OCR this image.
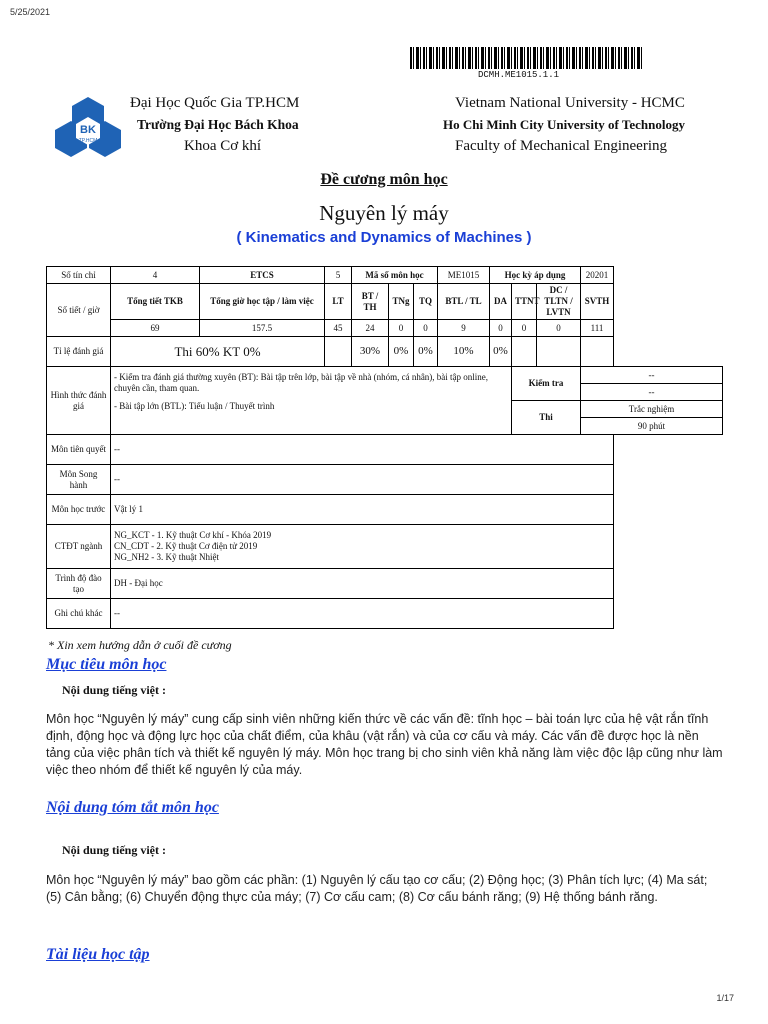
5/25/2021
DCMH.ME1015.1.1
BK
TP.HCM
Đại Học Quốc Gia TP.HCM
Trường Đại Học Bách Khoa
Khoa Cơ khí
Vietnam National University - HCMC
Ho Chi Minh City University of Technology
Faculty of Mechanical Engineering
Đề cương môn học
Nguyên lý máy
( Kinematics and Dynamics of Machines )
Số tín chỉ	4	ETCS	5	Mã số môn học			ME1015	Học kỳ áp dụng			20201
Số tiết / giờ	Tổng tiết TKB	Tổng giờ học tập / làm việc	LT	BT / TH	TNg	TQ	BTL / TL	DA	TTNT	DC / TLTN / LVTN	SVTH
	69	157.5	45	24	0	0	9	0	0	0	111
Tỉ lệ đánh giá	Thi 60% KT 0%			30%	0%	0%	10%	0%			
Hình thức đánh giá	- Kiểm tra đánh giá thường xuyên (BT): Bài tập trên lớp, bài tập về nhà (nhóm, cá nhân), bài tập online, chuyên cần, tham quan.
- Bài tập lớn (BTL): Tiểu luận / Thuyết trình								Kiểm tra		--
											--
									Thi		Trắc nghiệm
											90 phút
Môn tiên quyết	--										
Môn Song hành	--										
Môn học trước	Vật lý 1										
CTĐT ngành	NG_KCT - 1. Kỹ thuật Cơ khí - Khóa 2019
CN_CDT - 2. Kỹ thuật Cơ điện tử 2019
NG_NH2 - 3. Kỹ thuật Nhiệt										

Trình độ đào tạo	DH - Đại học										
Ghi chú khác	--										
* Xin xem hướng dẫn ở cuối đề cương
Mục tiêu môn học
Nội dung tiếng việt :
Môn học “Nguyên lý máy” cung cấp sinh viên những kiến thức về các vấn đề: tĩnh học – bài toán lực của hệ vật rắn tĩnh định, động học và động lực học của chất điểm, của khâu (vật rắn) và của cơ cấu và máy. Các vấn đề được học là nền tảng của việc phân tích và thiết kế nguyên lý máy. Môn học trang bị cho sinh viên khả năng làm việc độc lập cũng như làm việc theo nhóm để thiết kế nguyên lý của máy.
Nội dung tóm tắt môn học
Nội dung tiếng việt :
Môn học “Nguyên lý máy” bao gồm các phần: (1) Nguyên lý cấu tạo cơ cấu; (2) Động học; (3) Phân tích lực; (4) Ma sát; (5) Cân bằng; (6) Chuyển động thực của máy; (7) Cơ cấu cam; (8) Cơ cấu bánh răng; (9) Hệ thống bánh răng.
Tài liệu học tập
1/17
